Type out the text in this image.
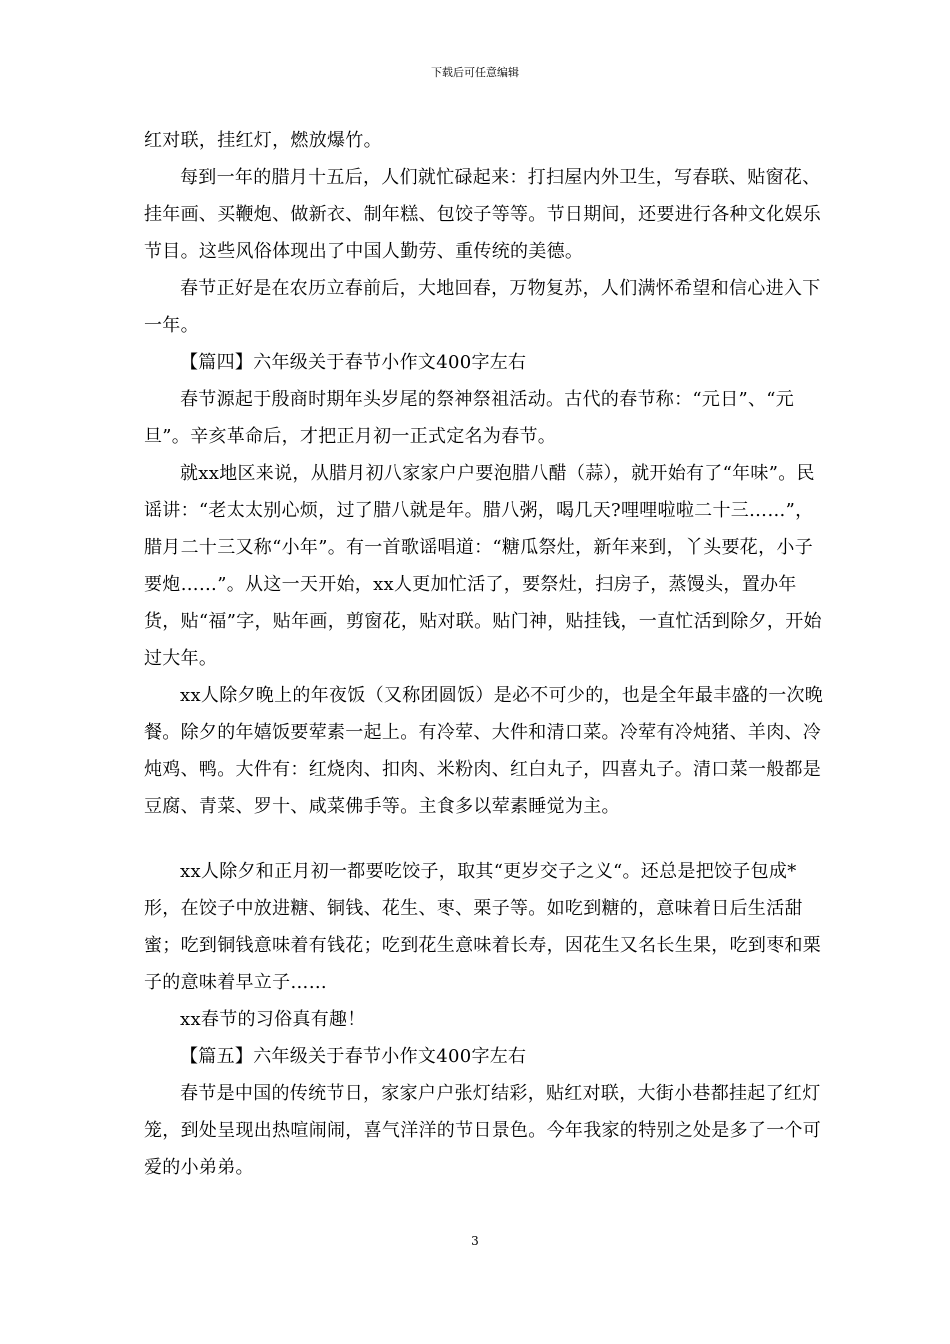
下载后可任意编辑

红对联，挂红灯，燃放爆竹。

每到一年的腊月十五后，人们就忙碌起来：打扫屋内外卫生，写春联、贴窗花、挂年画、买鞭炮、做新衣、制年糕、包饺子等等。节日期间，还要进行各种文化娱乐节目。这些风俗体现出了中国人勤劳、重传统的美德。

春节正好是在农历立春前后，大地回春，万物复苏，人们满怀希望和信心进入下一年。

【篇四】六年级关于春节小作文400字左右

春节源起于殷商时期年头岁尾的祭神祭祖活动。古代的春节称：“元日”、“元旦”。辛亥革命后，才把正月初一正式定名为春节。

就xx地区来说，从腊月初八家家户户要泡腊八醋（蒜），就开始有了“年味”。民谣讲：“老太太别心烦，过了腊八就是年。腊八粥，喝几天?哩哩啦啦二十三……”，腊月二十三又称“小年”。有一首歌谣唱道：“糖瓜祭灶，新年来到，丫头要花，小子要炮……”。从这一天开始，xx人更加忙活了，要祭灶，扫房子，蒸馒头，置办年货，贴“福”字，贴年画，剪窗花，贴对联。贴门神，贴挂钱，一直忙活到除夕，开始过大年。

xx人除夕晚上的年夜饭（又称团圆饭）是必不可少的，也是全年最丰盛的一次晚餐。除夕的年嬉饭要荤素一起上。有冷荤、大件和清口菜。冷荤有冷炖猪、羊肉、冷炖鸡、鸭。大件有：红烧肉、扣肉、米粉肉、红白丸子，四喜丸子。清口菜一般都是豆腐、青菜、罗十、咸菜佛手等。主食多以荤素睡觉为主。

xx人除夕和正月初一都要吃饺子，取其“更岁交子之义“。还总是把饺子包成*形，在饺子中放进糖、铜钱、花生、枣、栗子等。如吃到糖的，意味着日后生活甜蜜；吃到铜钱意味着有钱花；吃到花生意味着长寿，因花生又名长生果，吃到枣和栗子的意味着早立子……

xx春节的习俗真有趣！

【篇五】六年级关于春节小作文400字左右

春节是中国的传统节日，家家户户张灯结彩，贴红对联，大街小巷都挂起了红灯笼，到处呈现出热喧闹闹，喜气洋洋的节日景色。今年我家的特别之处是多了一个可爱的小弟弟。

3
